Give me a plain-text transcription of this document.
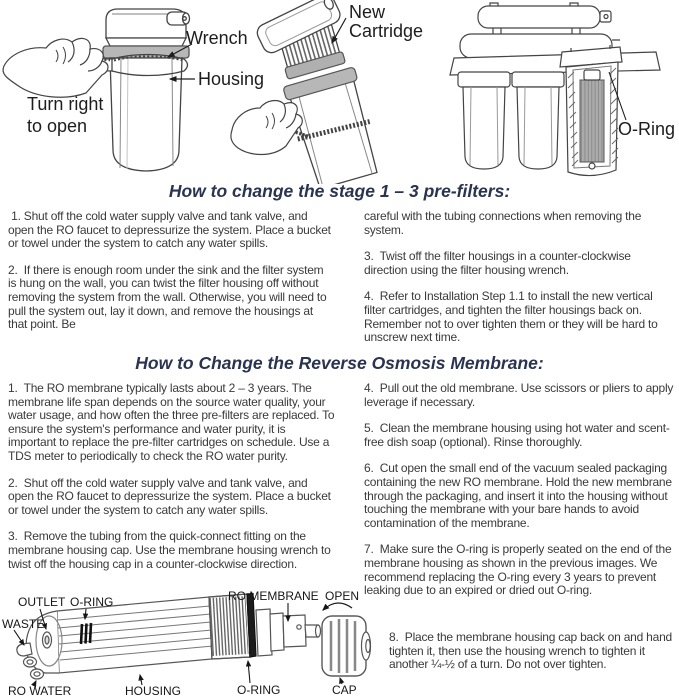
Wrench
Housing
Turn right
to open
New
Cartridge
O-Ring
How to change the stage 1 – 3 pre-filters:

1. Shut off the cold water supply valve and tank valve, and open the RO faucet to depressurize the system. Place a bucket or towel under the system to catch any water spills.

2.  If there is enough room under the sink and the filter system is hung on the wall, you can twist the filter housing off without removing the system from the wall. Otherwise, you will need to pull the system out, lay it down, and remove the housings at that point. Be

careful with the tubing connections when removing the system.

3.  Twist off the filter housings in a counter-clockwise direction using the filter housing wrench.

4.  Refer to Installation Step 1.1 to install the new vertical filter cartridges, and tighten the filter housings back on. Remember not to over tighten them or they will be hard to unscrew next time.

How to Change the Reverse Osmosis Membrane:

1.  The RO membrane typically lasts about 2 – 3 years. The membrane life span depends on the source water quality, your water usage, and how often the three pre-filters are replaced. To ensure the system's performance and water purity, it is important to replace the pre-filter cartridges on schedule. Use a TDS meter to periodically to check the RO water purity.

2.  Shut off the cold water supply valve and tank valve, and open the RO faucet to depressurize the system. Place a bucket or towel under the system to catch any water spills.

3.  Remove the tubing from the quick-connect fitting on the membrane housing cap. Use the membrane housing wrench to twist off the housing cap in a counter-clockwise direction.

4.  Pull out the old membrane. Use scissors or pliers to apply leverage if necessary.

5.  Clean the membrane housing using hot water and scent- free dish soap (optional). Rinse thoroughly.

6.  Cut open the small end of the vacuum sealed packaging containing the new RO membrane. Hold the new membrane through the packaging, and insert it into the housing without touching the membrane with your bare hands to avoid contamination of the membrane.

7.  Make sure the O-ring is properly seated on the end of the membrane housing as shown in the previous images. We recommend replacing the O-ring every 3 years to prevent leaking due to an expired or dried out O-ring.

8.  Place the membrane housing cap back on and hand tighten it, then use the housing wrench to tighten it another ¼-½ of a turn. Do not over tighten.

OUTLET O-RING
WASTE
RO WATER	HOUSING
RO MEMBRANE
O-RING
OPEN
CAP
